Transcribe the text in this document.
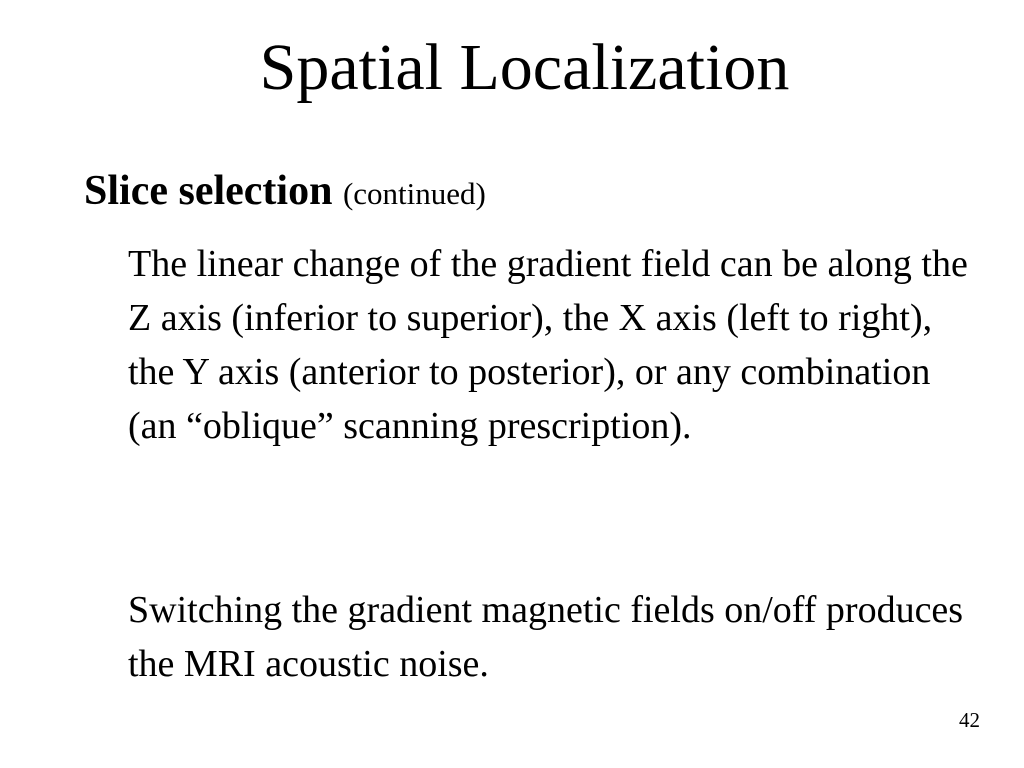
Spatial Localization
Slice selection (continued)

The linear change of the gradient field can be along the Z axis (inferior to superior), the X axis (left to right), the Y axis (anterior to posterior), or any combination (an “oblique” scanning prescription).

Switching the gradient magnetic fields on/off produces the MRI acoustic noise.

42
